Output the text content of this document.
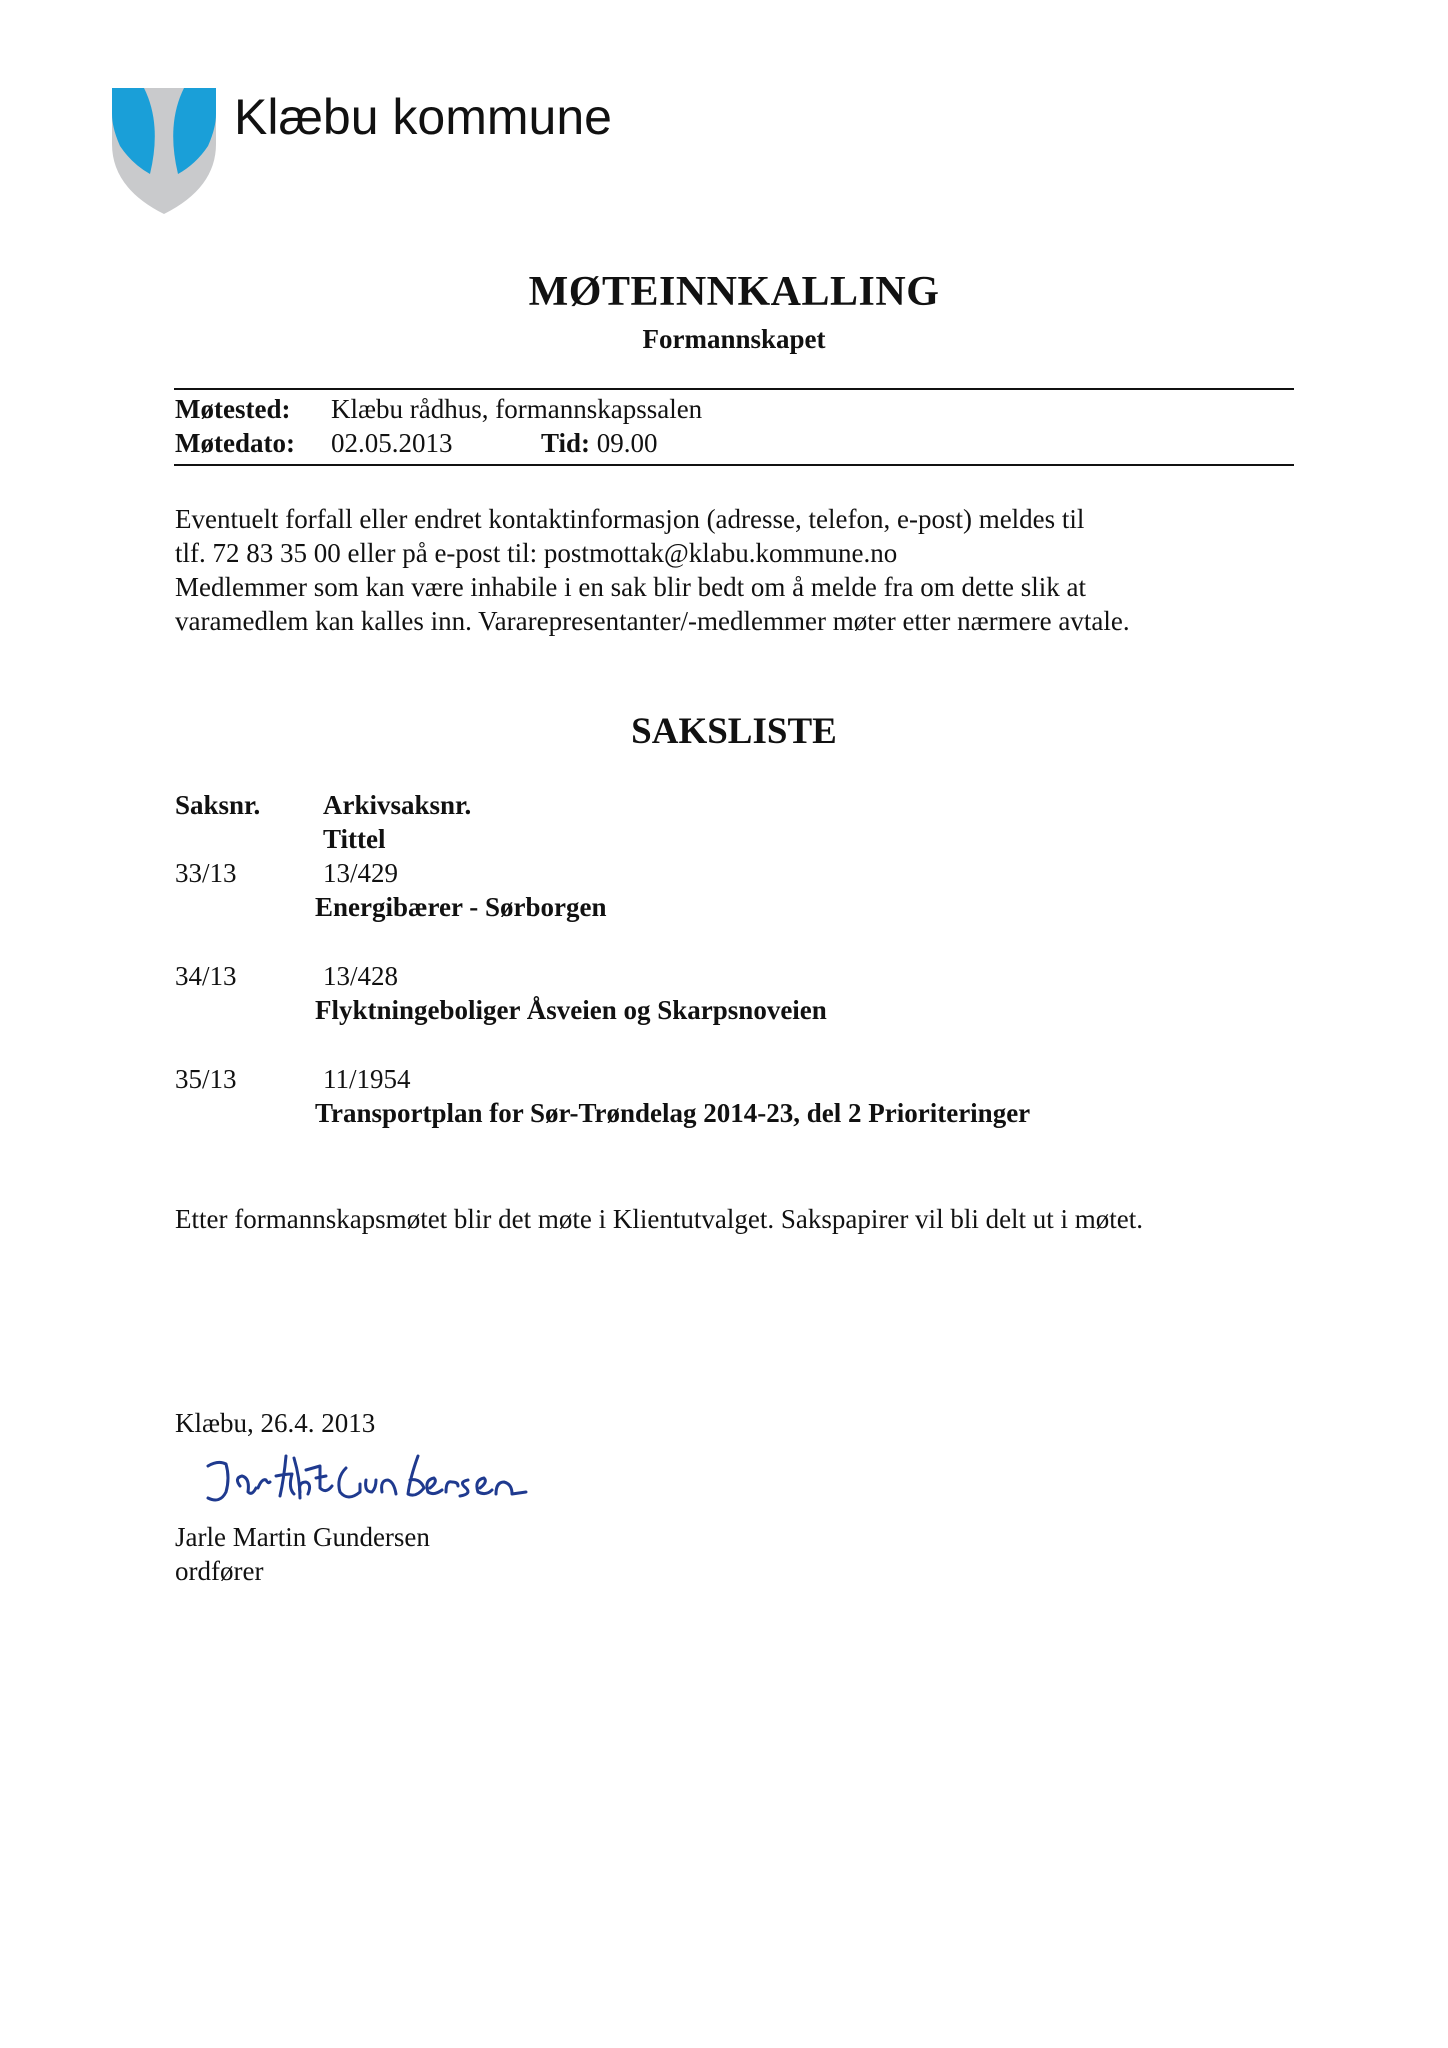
Klæbu kommune
MØTEINNKALLING
Formannskapet
Møtested: Klæbu rådhus, formannskapssalen
Møtedato: 02.05.2013	Tid: 09.00
Eventuelt forfall eller endret kontaktinformasjon (adresse, telefon, e-post) meldes til
tlf. 72 83 35 00 eller på e-post til: postmottak@klabu.kommune.no
Medlemmer som kan være inhabile i en sak blir bedt om å melde fra om dette slik at
varamedlem kan kalles inn. Vararepresentanter/-medlemmer møter etter nærmere avtale.
SAKSLISTE
Saksnr. Arkivsaksnr.
Tittel
33/13	13/429
Energibærer - Sørborgen
34/13	13/428
Flyktningeboliger Åsveien og Skarpsnoveien
35/13	11/1954
Transportplan for Sør-Trøndelag 2014-23, del 2 Prioriteringer
Etter formannskapsmøtet blir det møte i Klientutvalget. Sakspapirer vil bli delt ut i møtet.
Klæbu, 26.4. 2013
Jarle Martin Gundersen
Jarle Martin Gundersen
ordfører
